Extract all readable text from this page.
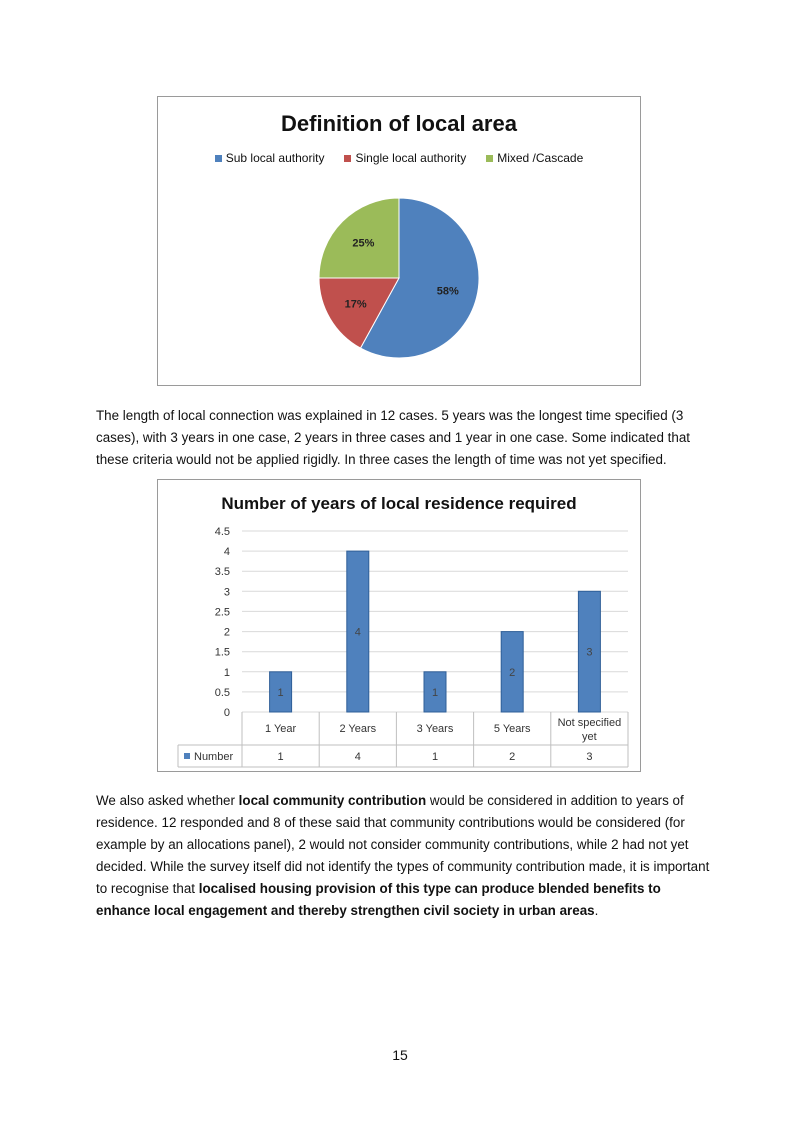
Definition of local area
Sub local authority	Single local authority	Mixed /Cascade
58%
17%
25%

The length of local connection was explained in 12 cases. 5 years was the longest time specified (3 cases), with 3 years in one case, 2 years in three cases and 1 year in one case. Some indicated that these criteria would not be applied rigidly. In three cases the length of time was not yet specified.

Number of years of local residence required
4.5
4
3.5
3
2.5
2
1.5
1
0.5
0
1
1 Year
1
4
2 Years
4
1
3 Years
1
2
5 Years
2
3
Not specified
yet
3
Number

We also asked whether local community contribution would be considered in addition to years of residence. 12 responded and 8 of these said that community contributions would be considered (for example by an allocations panel), 2 would not consider community contributions, while 2 had not yet decided. While the survey itself did not identify the types of community contribution made, it is important to recognise that localised housing provision of this type can produce blended benefits to enhance local engagement and thereby strengthen civil society in urban areas.

15
